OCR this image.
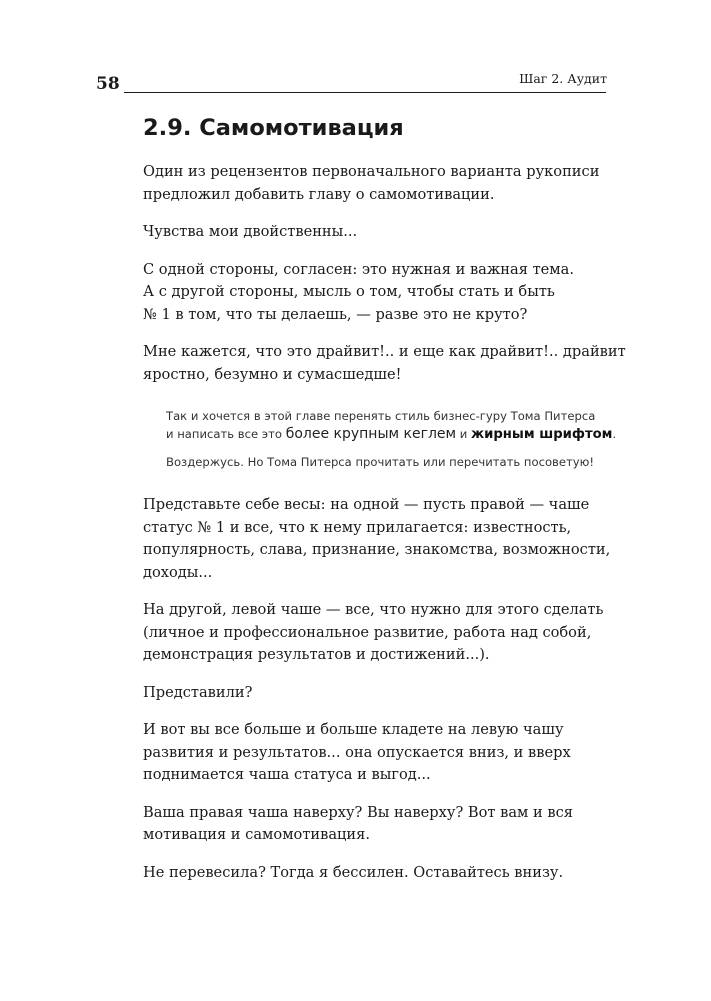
58	Шаг 2. Аудит
2.9. Самомотивация

Один из рецензентов первоначального варианта рукописи
предложил добавить главу о самомотивации.

Чувства мои двойственны...

С одной стороны, согласен: это нужная и важная тема.
А с другой стороны, мысль о том, чтобы стать и быть
№ 1 в том, что ты делаешь, — разве это не круто?

Мне кажется, что это драйвит!.. и еще как драйвит!.. драйвит
яростно, безумно и сумасшедше!

Так и хочется в этой главе перенять стиль бизнес-гуру Тома Питерса
и написать все это более крупным кеглем и жирным шрифтом.
Воздержусь. Но Тома Питерса прочитать или перечитать посоветую!

Представьте себе весы: на одной — пусть правой — чаше
статус № 1 и все, что к нему прилагается: известность,
популярность, слава, признание, знакомства, возможности,
доходы...

На другой, левой чаше — все, что нужно для этого сделать
(личное и профессиональное развитие, работа над собой,
демонстрация результатов и достижений...).

Представили?

И вот вы все больше и больше кладете на левую чашу
развития и результатов... она опускается вниз, и вверх
поднимается чаша статуса и выгод...

Ваша правая чаша наверху? Вы наверху? Вот вам и вся
мотивация и самомотивация.

Не перевесила? Тогда я бессилен. Оставайтесь внизу.
